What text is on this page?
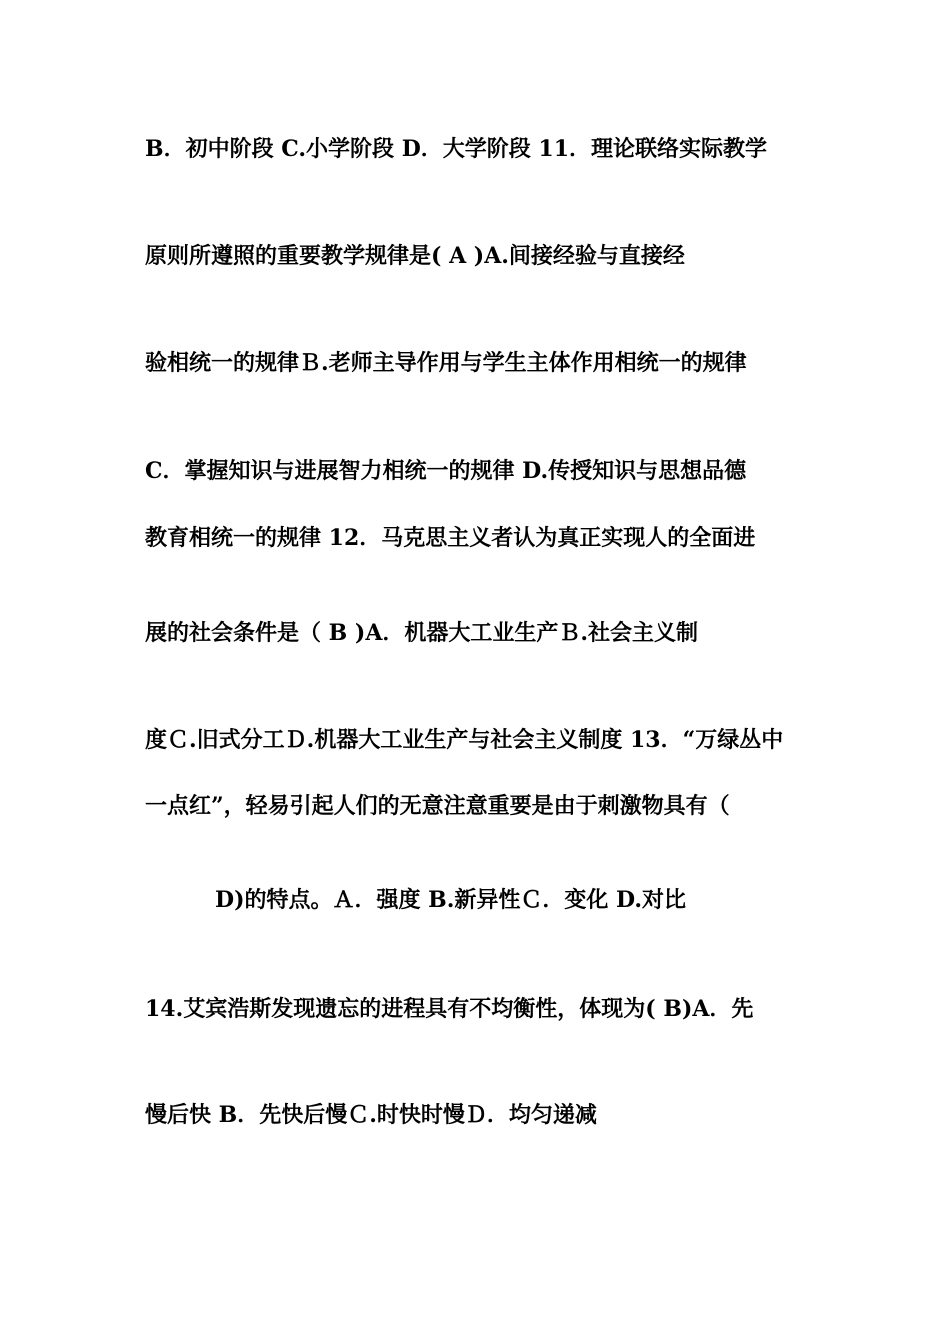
B．初中阶段 C.小学阶段 D．大学阶段 11．理论联络实际教学
原则所遵照的重要教学规律是( A )A.间接经验与直接经
验相统一的规律Ｂ.老师主导作用与学生主体作用相统一的规律
C．掌握知识与进展智力相统一的规律 D.传授知识与思想品德
教育相统一的规律 12．马克思主义者认为真正实现人的全面进
展的社会条件是（ B )A．机器大工业生产Ｂ.社会主义制
度Ｃ.旧式分工Ｄ.机器大工业生产与社会主义制度 13．“万绿丛中
一点红”，轻易引起人们的无意注意重要是由于刺激物具有（
D)的特点。Ａ．强度 B.新异性Ｃ．变化 D.对比
14.艾宾浩斯发现遗忘的进程具有不均衡性，体现为( B)A．先
慢后快 B．先快后慢Ｃ.时快时慢Ｄ．均匀递减
